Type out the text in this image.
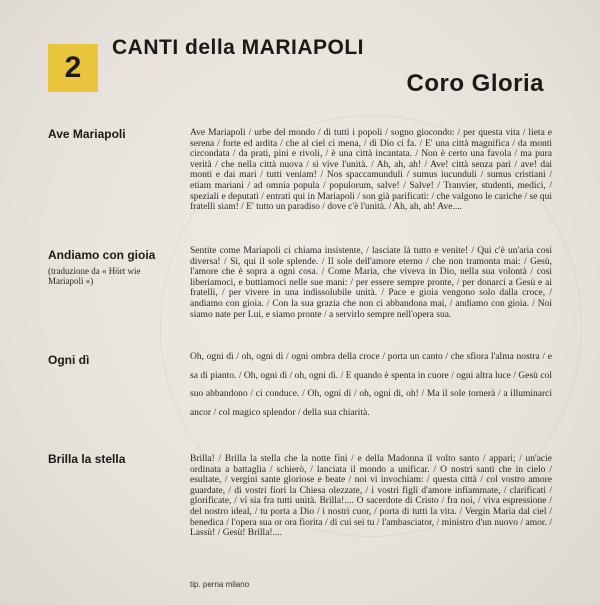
2
CANTI della MARIAPOLI
Coro Gloria
Ave Mariapoli	Ave Mariapoli / urbe del mondo / di tutti i popoli / sogno giocondo: / per questa vita / lieta e serena / forte ed ardita / che al ciel ci mena, / di Dio ci fa. / E' una città magnifica / da monti circondata / da prati, pini e rivoli, / è una città incantata. / Non è certo una favola / ma pura verità / che nella città nuova / si vive l'unità. / Ah, ah, ah! / Ave! città senza pari / ave! dai monti e dai mari / tutti veniam! / Nos spaccamunduli / sumus iucunduli / sumus cristiani / etiam mariani / ad omnia popula / populorum, salve! / Salve! / Tranvier, studenti, medici, / speziali e deputati / entrati qui in Mariapoli / son già parificati: / che valgono le cariche / se qui fratelli siam! / E' tutto un paradiso / dove c'è l'unità. / Ah, ah, ah! Ave....
Andiamo con gioia
(traduzione da « Hört wie Mariapoli »)
Sentite come Mariapoli ci chiama insistente, / lasciate là tutto e venite! / Qui c'è un'aria così diversa! / Sì, qui il sole splende. / Il sole dell'amore eterno / che non tramonta mai: / Gesù, l'amore che è sopra a ogni cosa. / Come Maria, che viveva in Dio, nella sua volontà / così liberiamoci, e buttiamoci nelle sue mani: / per essere sempre pronte, / per donarci a Gesù e ai fratelli, / per vivere in una indissolubile unità. / Pace e gioia vengono solo dalla croce, / andiamo con gioia. / Con la sua grazia che non ci abbandona mai, / andiamo con gioia. / Noi siamo nate per Lui, e siamo pronte / a servirlo sempre nell'opera sua.
Ogni dì	Oh, ogni dì / oh, ogni dì / ogni ombra della croce / porta un canto / che sfiora l'alma nostra / e sa di pianto. / Oh, ogni dì / oh, ogni dì. / E quando è spenta in cuore / ogni altra luce / Gesù col suo abbandono / ci conduce. / Oh, ogni dì / oh, ogni dì, oh! / Ma il sole tornerà / a illuminarci ancor / col magico splendor / della sua chiarità.
Brilla la stella	Brilla! / Brilla la stella che la notte fini / e della Madonna il volto santo / appari; / un'acie ordinata a battaglia / schierò, / lanciata il mondo a unificar. / O nostri santi che in cielo / esultate, / vergini sante gloriose e beate / noi vi invochiam: / questa città / col vostro amore guardate, / di vostri fiori la Chiesa olezzate, / i vostri figli d'amore infiammate, / clarificati / glorificate, / vi sia fra tutti unità. Brilla!.... O sacerdote di Cristo / fra noi, / viva espressione / del nostro ideal, / tu porta a Dio / i nostri cuor, / porta di tutti la vita. / Vergin Maria dal ciel / benedica / l'opera sua or ora fiorita / di cui sei tu / l'ambasciator, / ministro d'un nuovo / amor. / Lassù! / Gesù! Brilla!....
tip. perna milano
